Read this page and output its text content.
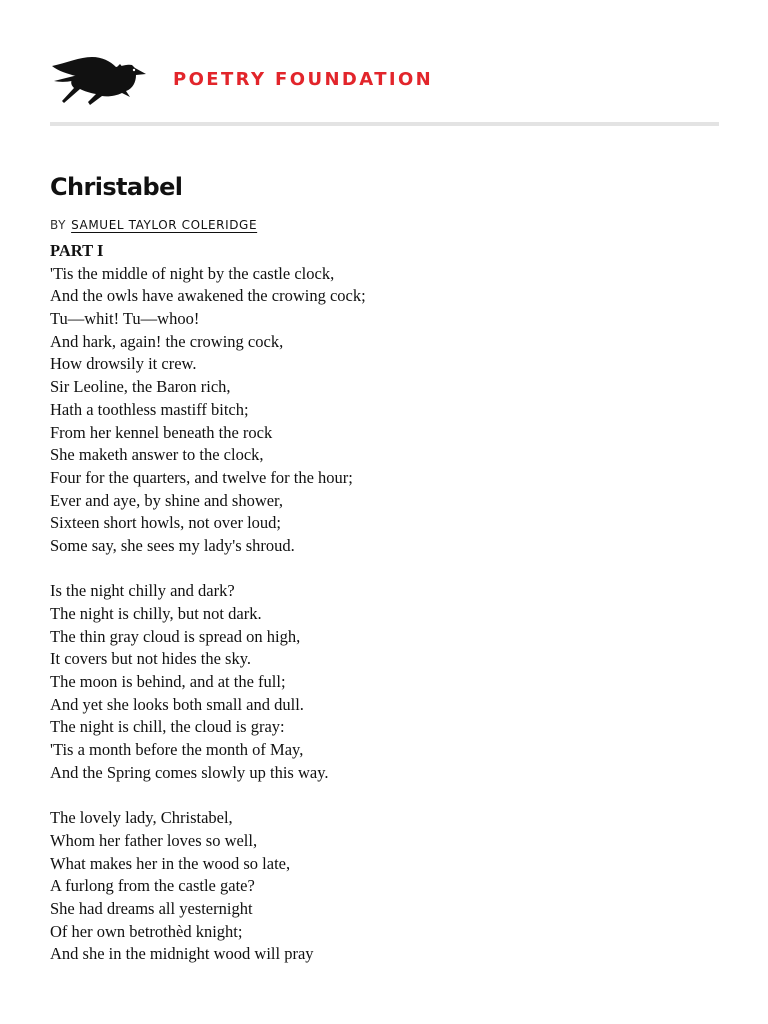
POETRY FOUNDATION
Christabel
BY SAMUEL TAYLOR COLERIDGE
PART I
'Tis the middle of night by the castle clock,
And the owls have awakened the crowing cock;
Tu—whit! Tu—whoo!
And hark, again! the crowing cock,
How drowsily it crew.
Sir Leoline, the Baron rich,
Hath a toothless mastiff bitch;
From her kennel beneath the rock
She maketh answer to the clock,
Four for the quarters, and twelve for the hour;
Ever and aye, by shine and shower,
Sixteen short howls, not over loud;
Some say, she sees my lady's shroud.
Is the night chilly and dark?
The night is chilly, but not dark.
The thin gray cloud is spread on high,
It covers but not hides the sky.
The moon is behind, and at the full;
And yet she looks both small and dull.
The night is chill, the cloud is gray:
'Tis a month before the month of May,
And the Spring comes slowly up this way.
The lovely lady, Christabel,
Whom her father loves so well,
What makes her in the wood so late,
A furlong from the castle gate?
She had dreams all yesternight
Of her own betrothèd knight;
And she in the midnight wood will pray
